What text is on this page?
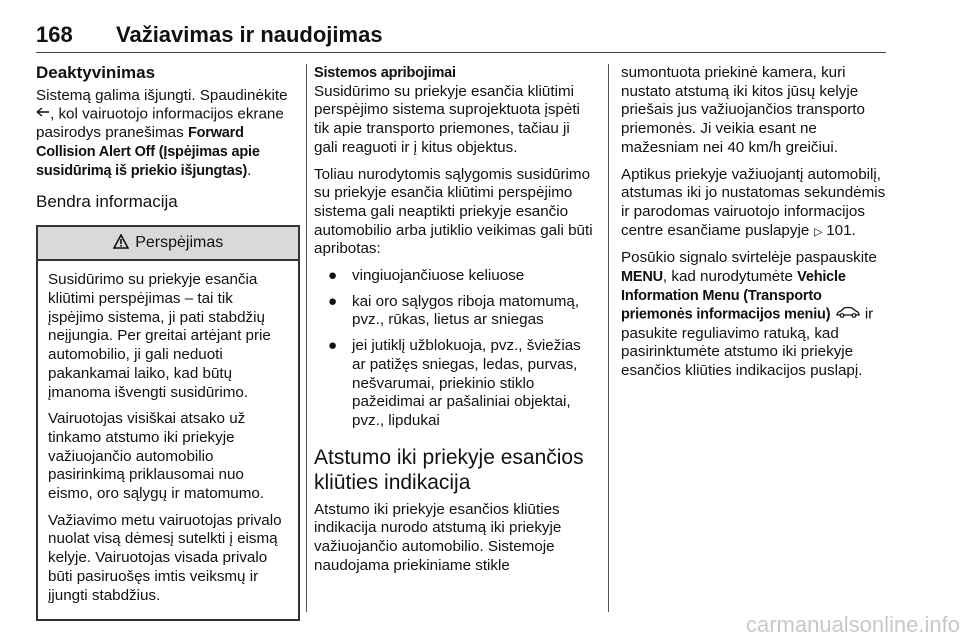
168 Važiavimas ir naudojimas
Deaktyvinimas

Sistemą galima išjungti. Spaudinėkite , kol vairuotojo informacijos ekrane pasirodys pranešimas Forward Collision Alert Off (Įspėjimas apie susidūrimą iš priekio išjungtas).

Bendra informacija
Perspėjimas

Susidūrimo su priekyje esančia kliūtimi perspėjimas – tai tik įspėjimo sistema, ji pati stabdžių neįjungia. Per greitai artėjant prie automobilio, ji gali neduoti pakankamai laiko, kad būtų įmanoma išvengti susidūrimo.

Vairuotojas visiškai atsako už tinkamo atstumo iki priekyje važiuojančio automobilio pasirinkimą priklausomai nuo eismo, oro sąlygų ir matomumo.

Važiavimo metu vairuotojas privalo nuolat visą dėmesį sutelkti į eismą kelyje. Vairuotojas visada privalo būti pasiruošęs imtis veiksmų ir įjungti stabdžius.

Sistemos apribojimai

Susidūrimo su priekyje esančia kliūtimi perspėjimo sistema suprojektuota įspėti tik apie transporto priemones, tačiau ji gali reaguoti ir į kitus objektus.

Toliau nurodytomis sąlygomis susidūrimo su priekyje esančia kliūtimi perspėjimo sistema gali neaptikti priekyje esančio automobilio arba jutiklio veikimas gali būti apribotas:

● vingiuojančiuose keliuose
● kai oro sąlygos riboja matomumą, pvz., rūkas, lietus ar sniegas
● jei jutiklį užblokuoja, pvz., šviežias ar patižęs sniegas, ledas, purvas, nešvarumai, priekinio stiklo pažeidimai ar pašaliniai objektai, pvz., lipdukai
Atstumo iki priekyje esančios kliūties indikacija

Atstumo iki priekyje esančios kliūties indikacija nurodo atstumą iki priekyje važiuojančio automobilio. Sistemoje naudojama priekiniame stikle

sumontuota priekinė kamera, kuri nustato atstumą iki kitos jūsų kelyje priešais jus važiuojančios transporto priemonės. Ji veikia esant ne mažesniam nei 40 km/h greičiui.

Aptikus priekyje važiuojantį automobilį, atstumas iki jo nustatomas sekundėmis ir parodomas vairuotojo informacijos centre esančiame puslapyje ◁ 101.

Posūkio signalo svirtelėje paspauskite MENU, kad nurodytumėte Vehicle Information Menu (Transporto priemonės informacijos meniu) ir pasukite reguliavimo ratuką, kad pasirinktumėte atstumo iki priekyje esančios kliūties indikacijos puslapį.

carmanualsonline.info
